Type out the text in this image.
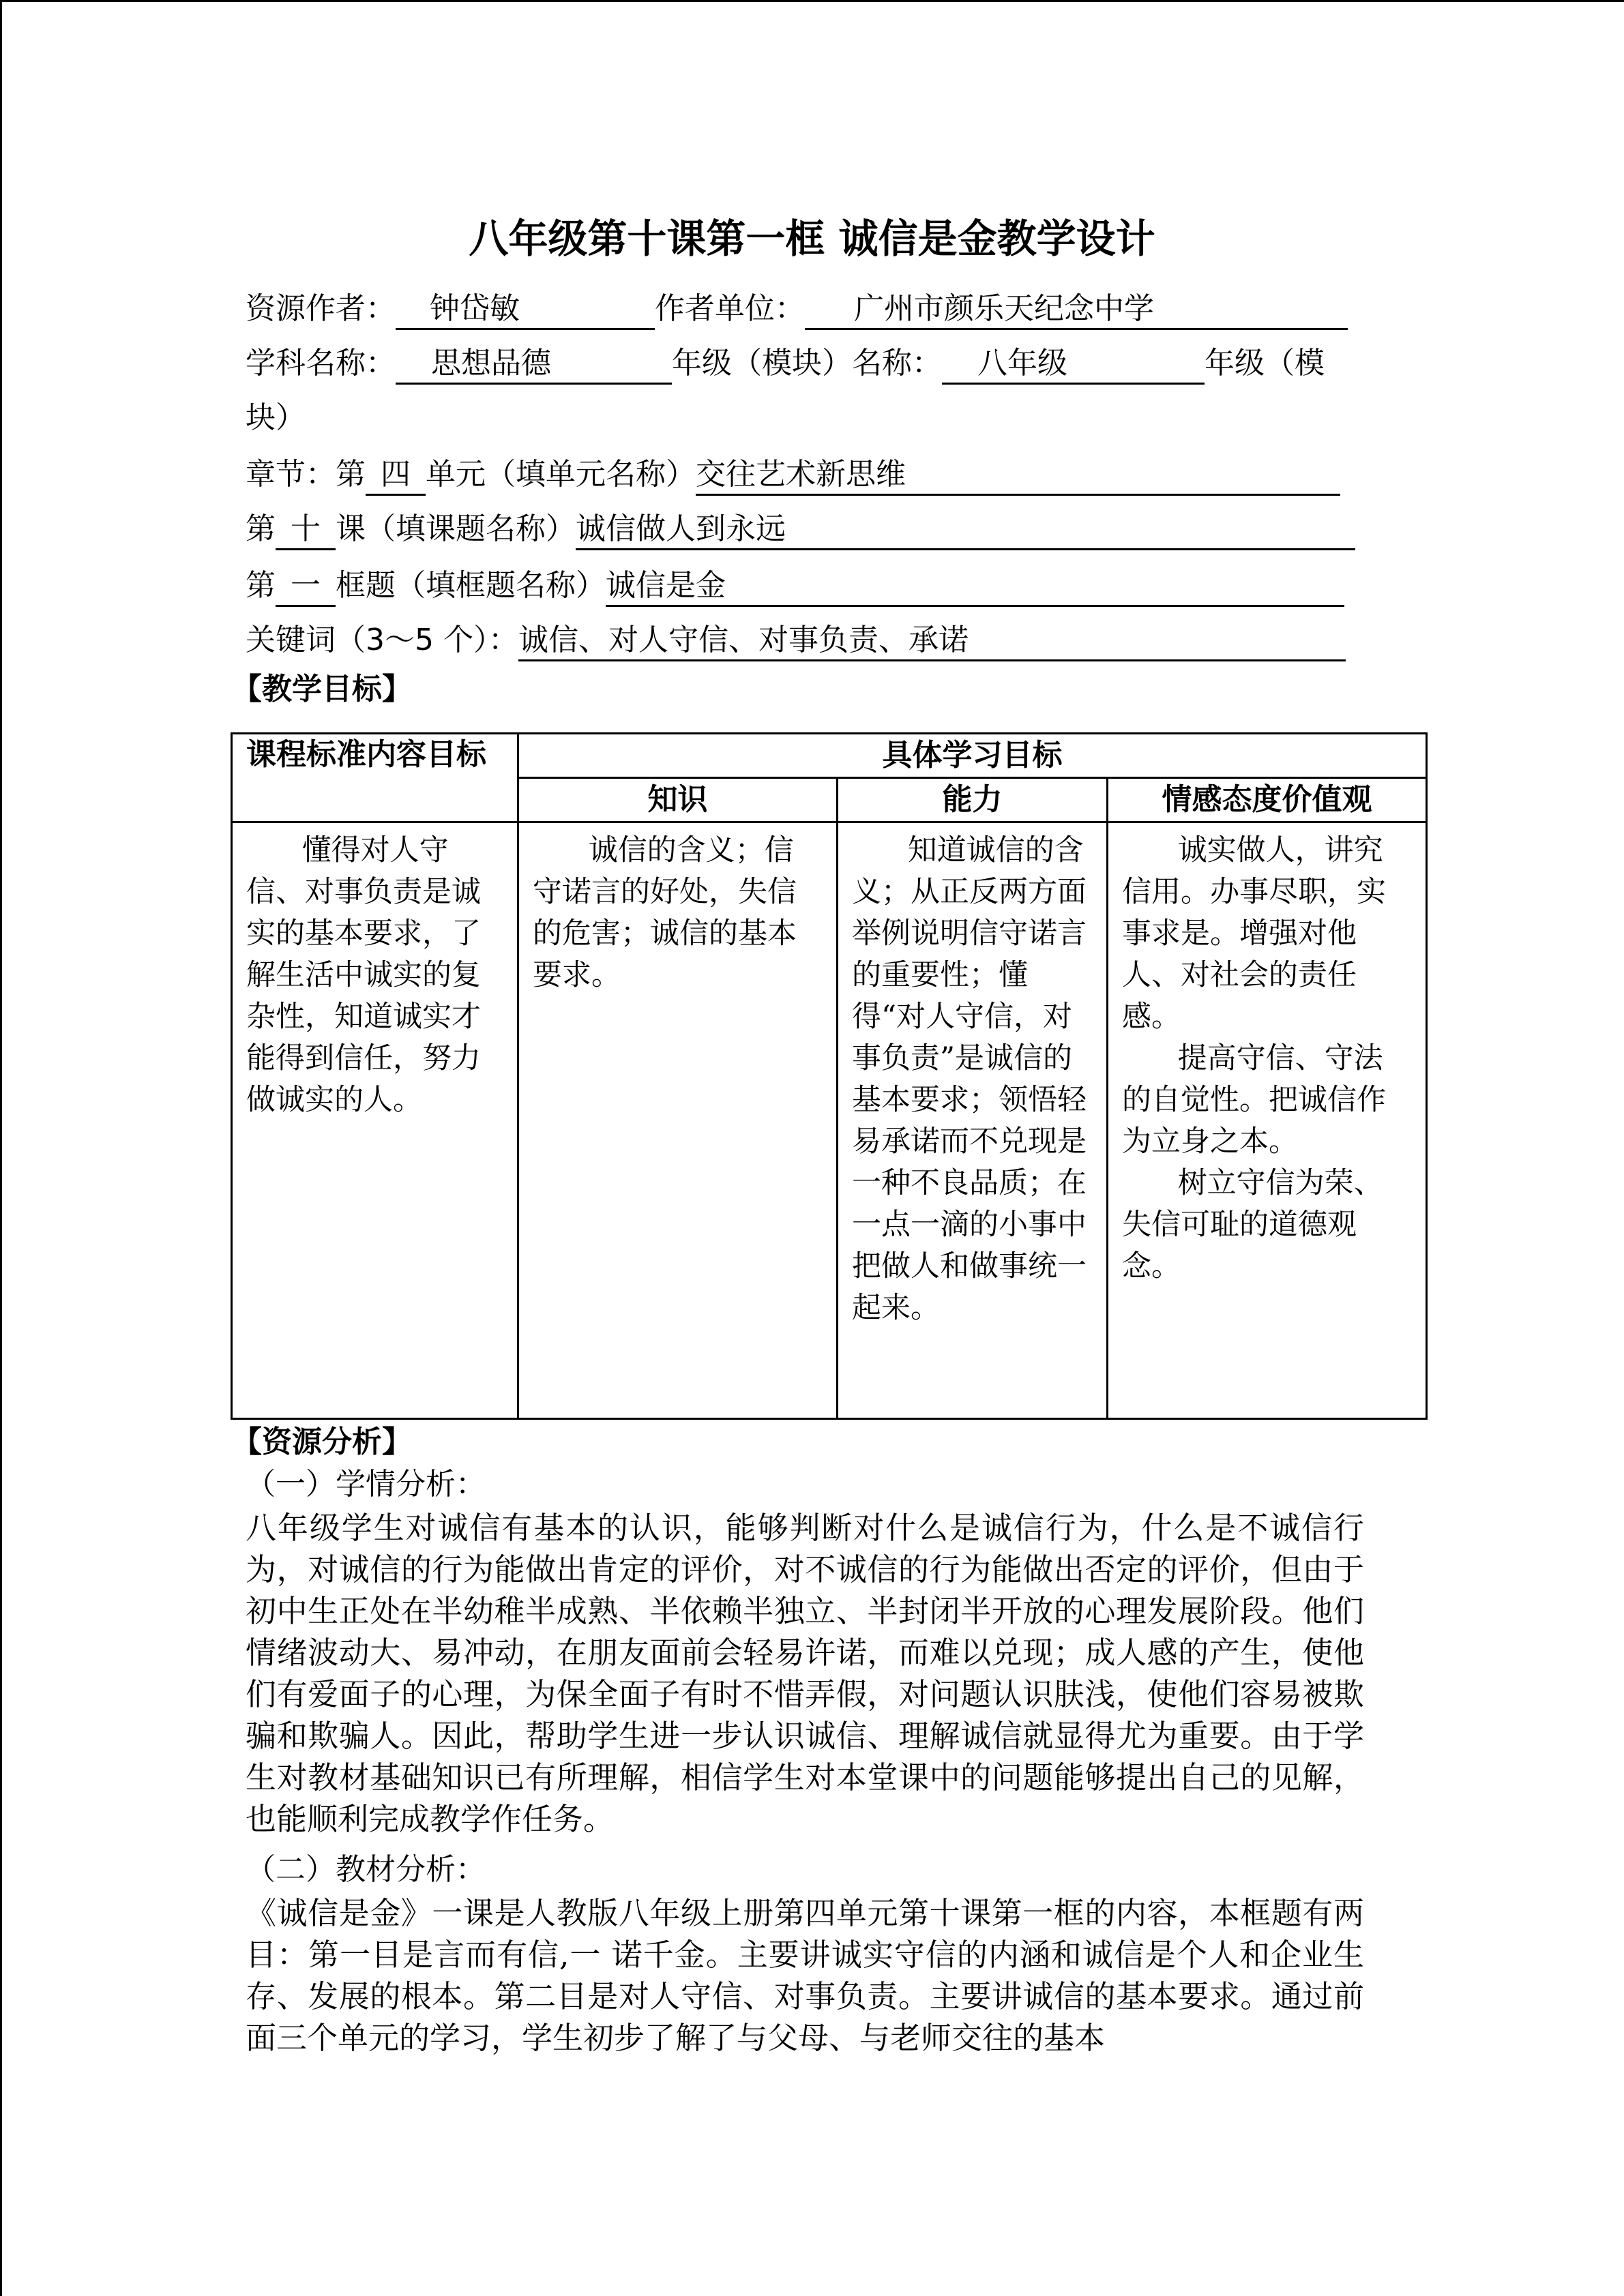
八年级第十课第一框 诚信是金教学设计
资源作者： 钟岱敏	作者单位： 广州市颜乐天纪念中学
学科名称： 思想品德	年级（模块）名称： 八年级	年级（模
块）
章节：第 四 单元（填单元名称）交往艺术新思维
第 十 课（填课题名称）诚信做人到永远
第 一 框题（填框题名称）诚信是金
关键词（3～5 个）：诚信、对人守信、对事负责、承诺
【教学目标】
课程标准内容目标	具体学习目标		
	知识	能力	情感态度价值观

懂得对人守信、对事负责是诚实的基本要求，了解生活中诚实的复杂性，知道诚实才能得到信任，努力做诚实的人。	诚信的含义；信守诺言的好处，失信的危害；诚信的基本要求。	知道诚信的含义；从正反两方面举例说明信守诺言的重要性；懂得“对人守信，对事负责”是诚信的基本要求；领悟轻易承诺而不兑现是一种不良品质；在一点一滴的小事中把做人和做事统一起来。	诚实做人，讲究信用。办事尽职，实事求是。增强对他人、对社会的责任感。

提高守信、守法的自觉性。把诚信作为立身之本。

树立守信为荣、失信可耻的道德观念。

【资源分析】
（一）学情分析：
八年级学生对诚信有基本的认识，能够判断对什么是诚信行为，什么是不诚信行为，对诚信的行为能做出肯定的评价，对不诚信的行为能做出否定的评价，但由于初中生正处在半幼稚半成熟、半依赖半独立、半封闭半开放的心理发展阶段。他们情绪波动大、易冲动，在朋友面前会轻易许诺，而难以兑现；成人感的产生，使他们有爱面子的心理，为保全面子有时不惜弄假，对问题认识肤浅，使他们容易被欺骗和欺骗人。因此，帮助学生进一步认识诚信、理解诚信就显得尤为重要。由于学生对教材基础知识已有所理解，相信学生对本堂课中的问题能够提出自己的见解，也能顺利完成教学作任务。
（二）教材分析：
《诚信是金》一课是人教版八年级上册第四单元第十课第一框的内容，本框题有两目：第一目是言而有信,一 诺千金。主要讲诚实守信的内涵和诚信是个人和企业生存、发展的根本。第二目是对人守信、对事负责。主要讲诚信的基本要求。通过前面三个单元的学习，学生初步了解了与父母、与老师交往的基本
